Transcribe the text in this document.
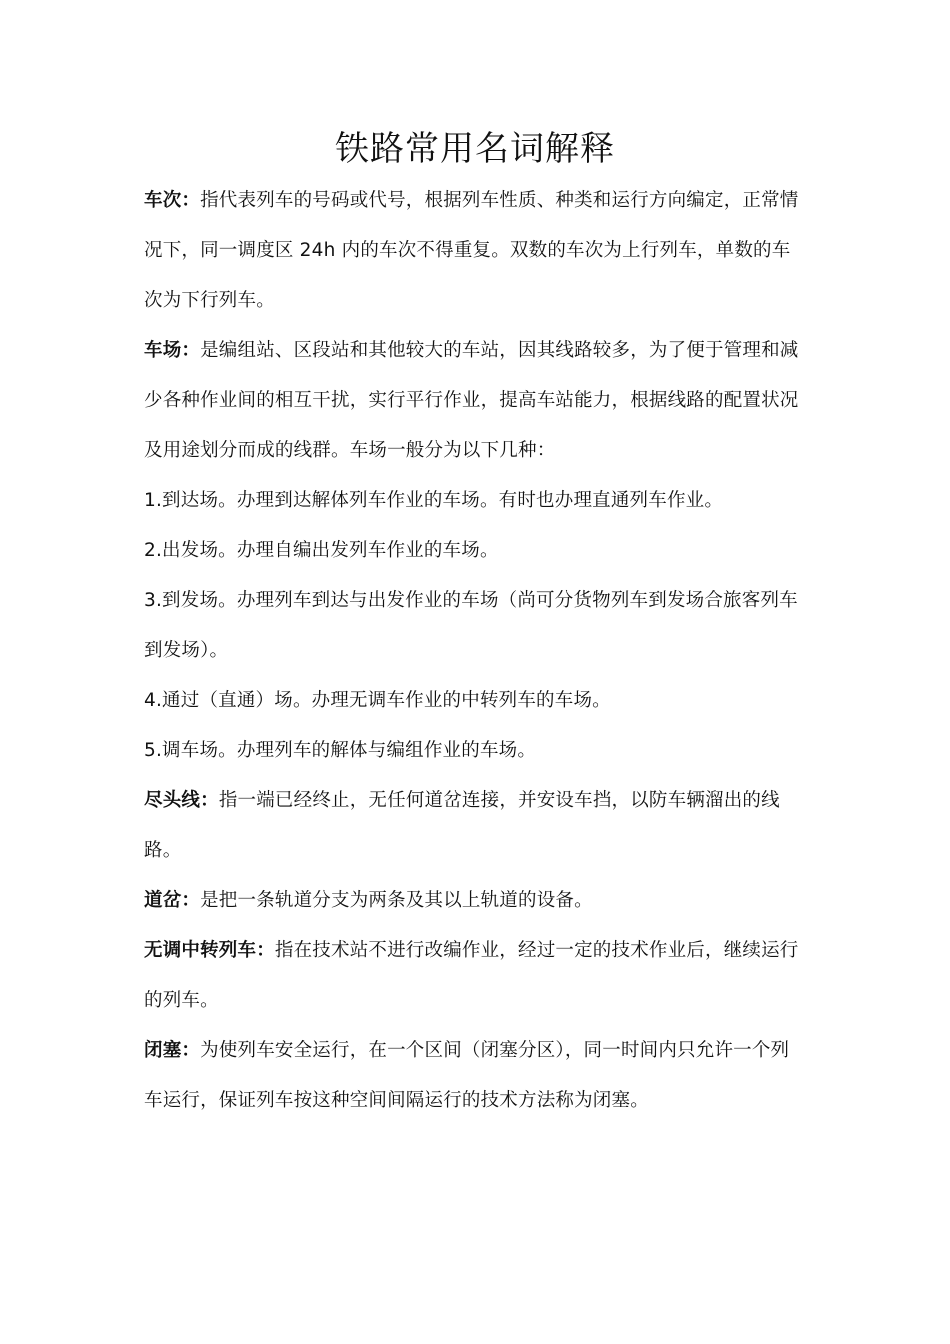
铁路常用名词解释

车次：指代表列车的号码或代号，根据列车性质、种类和运行方向编定，正常情况下，同一调度区 24h 内的车次不得重复。双数的车次为上行列车，单数的车次为下行列车。

车场：是编组站、区段站和其他较大的车站，因其线路较多，为了便于管理和减少各种作业间的相互干扰，实行平行作业，提高车站能力，根据线路的配置状况及用途划分而成的线群。车场一般分为以下几种：

1.到达场。办理到达解体列车作业的车场。有时也办理直通列车作业。

2.出发场。办理自编出发列车作业的车场。

3.到发场。办理列车到达与出发作业的车场（尚可分货物列车到发场合旅客列车到发场）。

4.通过（直通）场。办理无调车作业的中转列车的车场。

5.调车场。办理列车的解体与编组作业的车场。

尽头线：指一端已经终止，无任何道岔连接，并安设车挡，以防车辆溜出的线路。

道岔：是把一条轨道分支为两条及其以上轨道的设备。

无调中转列车：指在技术站不进行改编作业，经过一定的技术作业后，继续运行的列车。

闭塞：为使列车安全运行，在一个区间（闭塞分区），同一时间内只允许一个列车运行，保证列车按这种空间间隔运行的技术方法称为闭塞。
